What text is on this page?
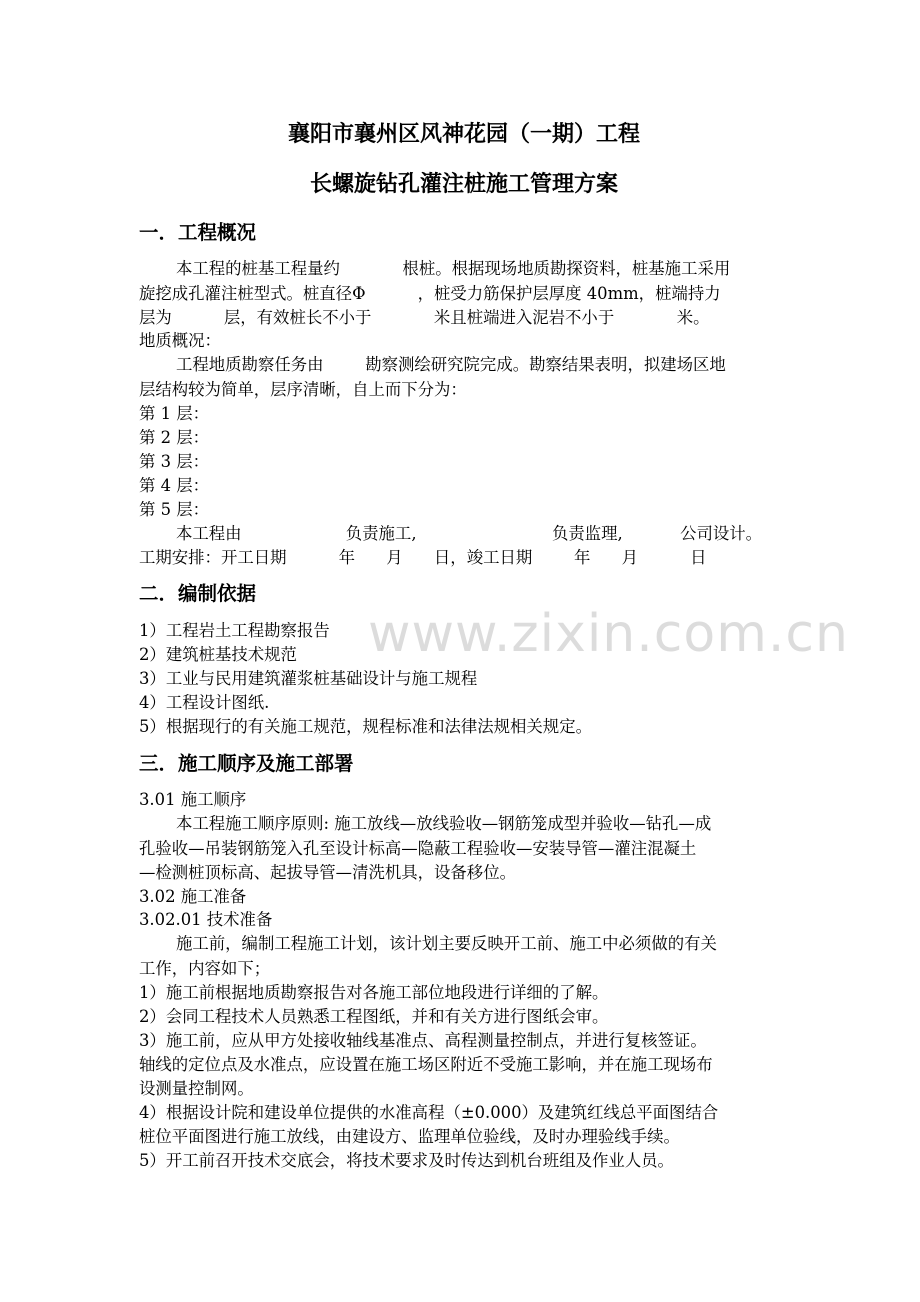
襄阳市襄州区风神花园（一期）工程
长螺旋钻孔灌注桩施工管理方案
一．工程概况
本工程的桩基工程量约            根桩。根据现场地质勘探资料，桩基施工采用
旋挖成孔灌注桩型式。桩直径Φ          ，桩受力筋保护层厚度 40mm，桩端持力
层为          层，有效桩长不小于            米且桩端进入泥岩不小于            米。
地质概况：
工程地质勘察任务由        勘察测绘研究院完成。勘察结果表明，拟建场区地
层结构较为简单，层序清晰，自上而下分为：
第 1 层：
第 2 层：
第 3 层：
第 4 层：
第 5 层：
本工程由                    负责施工,                          负责监理,           公司设计。
工期安排：开工日期          年      月      日，竣工日期        年      月          日
二．编制依据
1）工程岩土工程勘察报告
2）建筑桩基技术规范
3）工业与民用建筑灌浆桩基础设计与施工规程
4）工程设计图纸.
5）根据现行的有关施工规范，规程标准和法律法规相关规定。
三．施工顺序及施工部署
3.01 施工顺序
本工程施工顺序原则: 施工放线—放线验收—钢筋笼成型并验收—钻孔—成
孔验收—吊装钢筋笼入孔至设计标高—隐蔽工程验收—安装导管—灌注混凝土
—检测桩顶标高、起拔导管—清洗机具，设备移位。
3.02 施工准备
3.02.01 技术准备
施工前，编制工程施工计划，该计划主要反映开工前、施工中必须做的有关
工作，内容如下；
1）施工前根据地质勘察报告对各施工部位地段进行详细的了解。
2）会同工程技术人员熟悉工程图纸，并和有关方进行图纸会审。
3）施工前，应从甲方处接收轴线基准点、高程测量控制点，并进行复核签证。
轴线的定位点及水准点，应设置在施工场区附近不受施工影响，并在施工现场布
设测量控制网。
4）根据设计院和建设单位提供的水准高程（±0.000）及建筑红线总平面图结合
桩位平面图进行施工放线，由建设方、监理单位验线，及时办理验线手续。
5）开工前召开技术交底会，将技术要求及时传达到机台班组及作业人员。
www.zixin.com.cn
